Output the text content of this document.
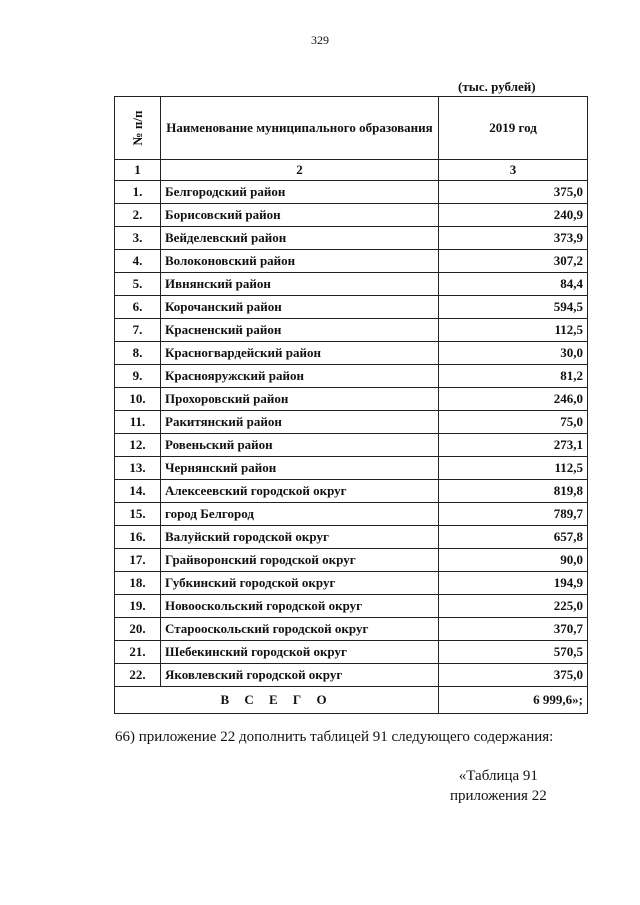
329
(тыс. рублей)
№ п/п	Наименование муниципального образования	2019 год
1	2	3
1.	Белгородский район	375,0
2.	Борисовский район	240,9
3.	Вейделевский район	373,9
4.	Волоконовский район	307,2
5.	Ивнянский район	84,4
6.	Корочанский район	594,5
7.	Красненский район	112,5
8.	Красногвардейский район	30,0
9.	Краснояружский район	81,2
10.	Прохоровский район	246,0
11.	Ракитянский район	75,0
12.	Ровеньский район	273,1
13.	Чернянский район	112,5
14.	Алексеевский городской округ	819,8
15.	город Белгород	789,7
16.	Валуйский городской округ	657,8
17.	Грайворонский городской округ	90,0
18.	Губкинский городской округ	194,9
19.	Новооскольский городской округ	225,0
20.	Старооскольский городской округ	370,7
21.	Шебекинский городской округ	570,5
22.	Яковлевский городской округ	375,0
В С Е Г О		6 999,6»;
66) приложение 22 дополнить таблицей 91 следующего содержания:
«Таблица 91
приложения 22
